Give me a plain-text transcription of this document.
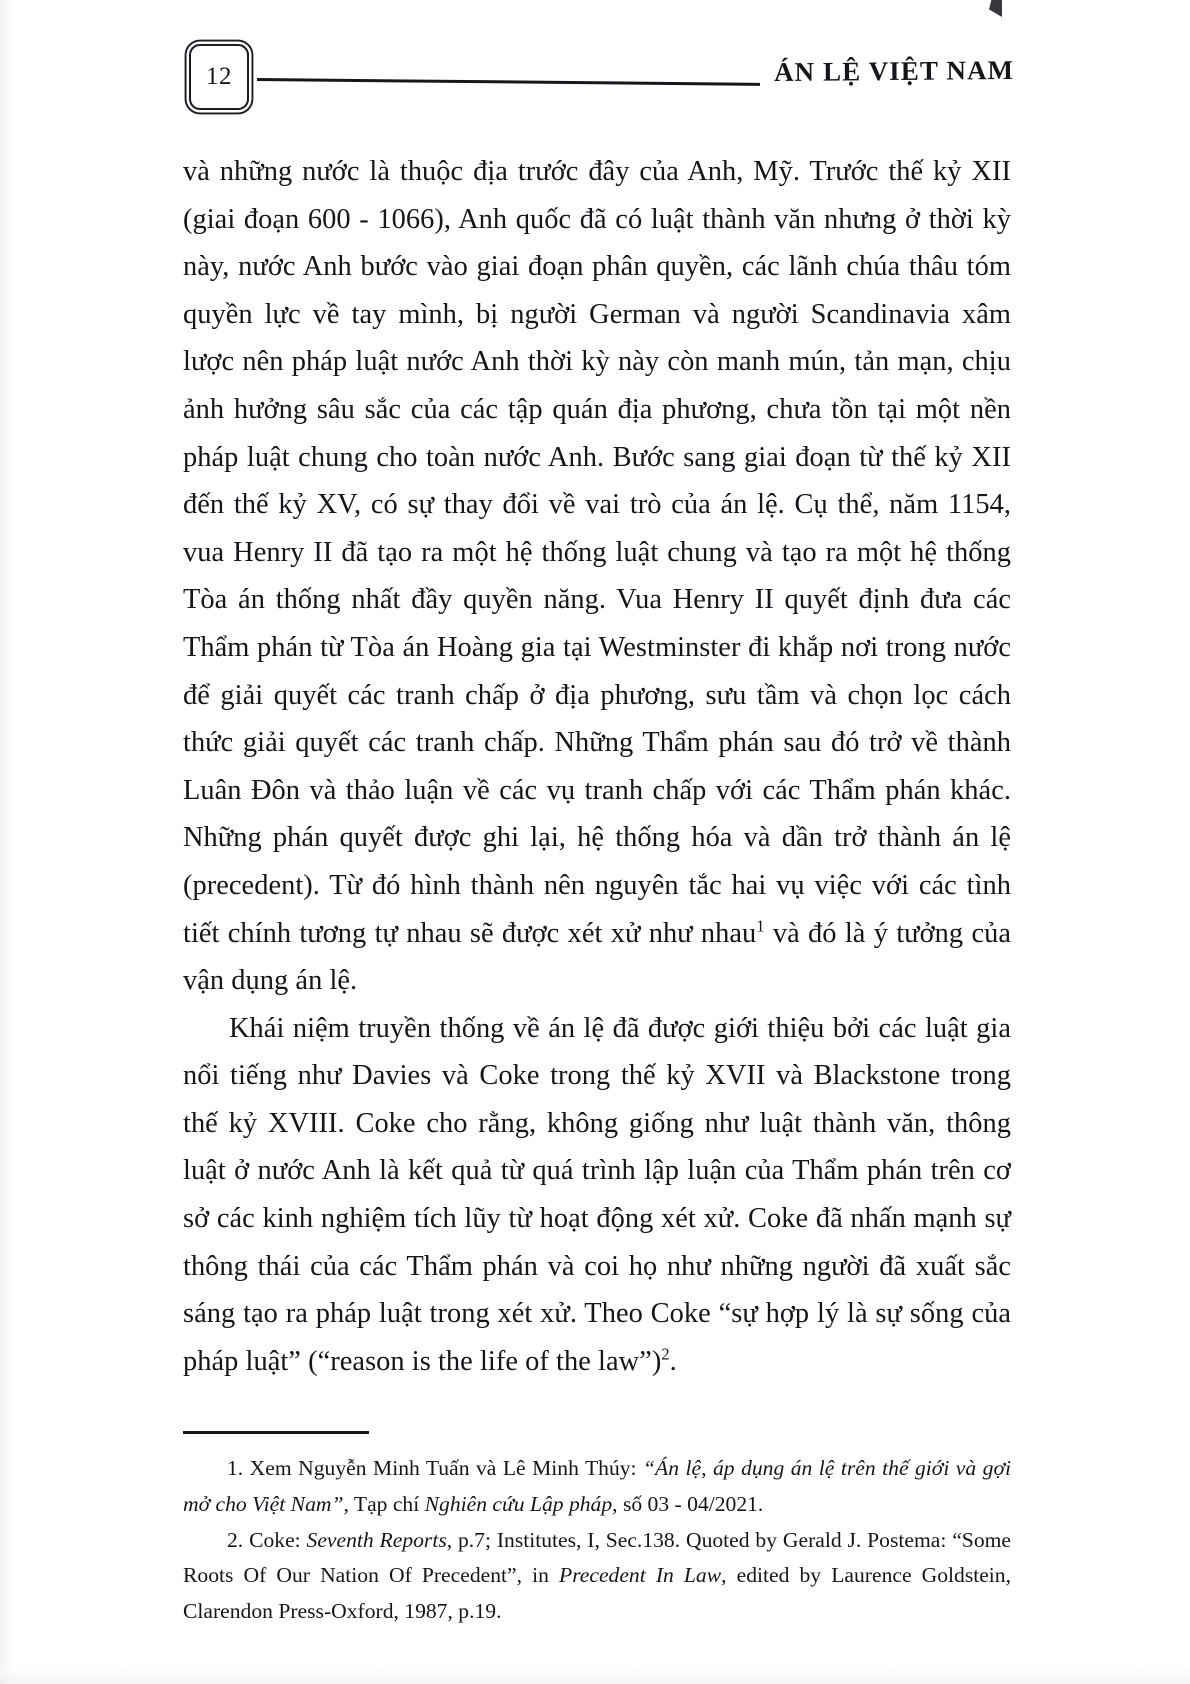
12	ÁN LỆ VIỆT NAM

và những nước là thuộc địa trước đây của Anh, Mỹ. Trước thế kỷ XII (giai đoạn 600 - 1066), Anh quốc đã có luật thành văn nhưng ở thời kỳ này, nước Anh bước vào giai đoạn phân quyền, các lãnh chúa thâu tóm quyền lực về tay mình, bị người German và người Scandinavia xâm lược nên pháp luật nước Anh thời kỳ này còn manh mún, tản mạn, chịu ảnh hưởng sâu sắc của các tập quán địa phương, chưa tồn tại một nền pháp luật chung cho toàn nước Anh. Bước sang giai đoạn từ thế kỷ XII đến thế kỷ XV, có sự thay đổi về vai trò của án lệ. Cụ thể, năm 1154, vua Henry II đã tạo ra một hệ thống luật chung và tạo ra một hệ thống Tòa án thống nhất đầy quyền năng. Vua Henry II quyết định đưa các Thẩm phán từ Tòa án Hoàng gia tại Westminster đi khắp nơi trong nước để giải quyết các tranh chấp ở địa phương, sưu tầm và chọn lọc cách thức giải quyết các tranh chấp. Những Thẩm phán sau đó trở về thành Luân Đôn và thảo luận về các vụ tranh chấp với các Thẩm phán khác. Những phán quyết được ghi lại, hệ thống hóa và dần trở thành án lệ (precedent). Từ đó hình thành nên nguyên tắc hai vụ việc với các tình tiết chính tương tự nhau sẽ được xét xử như nhau$^1$ và đó là ý tưởng của vận dụng án lệ.

Khái niệm truyền thống về án lệ đã được giới thiệu bởi các luật gia nổi tiếng như Davies và Coke trong thế kỷ XVII và Blackstone trong thế kỷ XVIII. Coke cho rằng, không giống như luật thành văn, thông luật ở nước Anh là kết quả từ quá trình lập luận của Thẩm phán trên cơ sở các kinh nghiệm tích lũy từ hoạt động xét xử. Coke đã nhấn mạnh sự thông thái của các Thẩm phán và coi họ như những người đã xuất sắc sáng tạo ra pháp luật trong xét xử. Theo Coke “sự hợp lý là sự sống của pháp luật” (“reason is the life of the law”)$^2$.

1. Xem Nguyễn Minh Tuấn và Lê Minh Thúy: “Án lệ, áp dụng án lệ trên thế giới và gợi mở cho Việt Nam”, Tạp chí Nghiên cứu Lập pháp, số 03 - 04/2021.

2. Coke: Seventh Reports, p.7; Institutes, I, Sec.138. Quoted by Gerald J. Postema: “Some Roots Of Our Nation Of Precedent”, in Precedent In Law, edited by Laurence Goldstein, Clarendon Press-Oxford, 1987, p.19.
